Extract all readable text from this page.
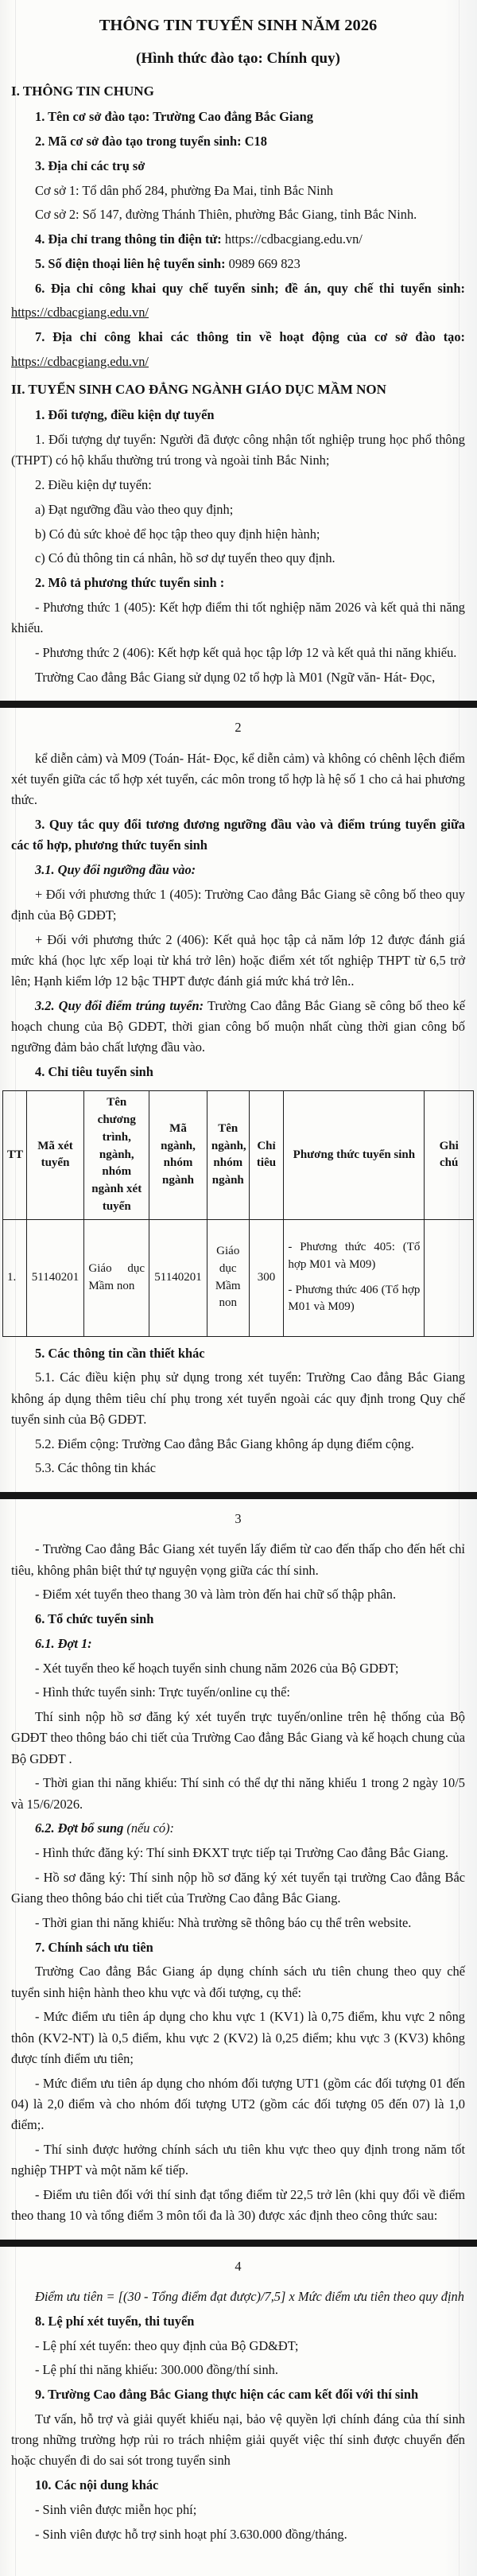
THÔNG TIN TUYỂN SINH NĂM 2026

(Hình thức đào tạo: Chính quy)

I. THÔNG TIN CHUNG

1. Tên cơ sở đào tạo: Trường Cao đẳng Bắc Giang

2. Mã cơ sở đào tạo trong tuyển sinh: C18

3. Địa chỉ các trụ sở

Cơ sở 1: Tổ dân phố 284, phường Đa Mai, tỉnh Bắc Ninh

Cơ sở 2: Số 147, đường Thánh Thiên, phường Bắc Giang, tỉnh Bắc Ninh.

4. Địa chỉ trang thông tin điện tử: https://cdbacgiang.edu.vn/

5. Số điện thoại liên hệ tuyển sinh: 0989 669 823

6. Địa chỉ công khai quy chế tuyển sinh; đề án, quy chế thi tuyển sinh:

https://cdbacgiang.edu.vn/

7. Địa chỉ công khai các thông tin về hoạt động của cơ sở đào tạo:

https://cdbacgiang.edu.vn/

II. TUYỂN SINH CAO ĐẲNG NGÀNH GIÁO DỤC MẦM NON

1. Đối tượng, điều kiện dự tuyển

1. Đối tượng dự tuyển: Người đã được công nhận tốt nghiệp trung học phổ thông (THPT) có hộ khẩu thường trú trong và ngoài tỉnh Bắc Ninh;

2. Điều kiện dự tuyển:

a) Đạt ngưỡng đầu vào theo quy định;

b) Có đủ sức khoẻ để học tập theo quy định hiện hành;

c) Có đủ thông tin cá nhân, hồ sơ dự tuyển theo quy định.

2. Mô tả phương thức tuyển sinh :

- Phương thức 1 (405): Kết hợp điểm thi tốt nghiệp năm 2026 và kết quả thi năng khiếu.

- Phương thức 2 (406): Kết hợp kết quả học tập lớp 12 và kết quả thi năng khiếu.

Trường Cao đẳng Bắc Giang sử dụng 02 tổ hợp là M01 (Ngữ văn- Hát- Đọc,

2

kể diễn cảm) và M09 (Toán- Hát- Đọc, kể diễn cảm) và không có chênh lệch điểm xét tuyển giữa các tổ hợp xét tuyển, các môn trong tổ hợp là hệ số 1 cho cả hai phương thức.

3. Quy tắc quy đổi tương đương ngưỡng đầu vào và điểm trúng tuyển giữa các tổ hợp, phương thức tuyển sinh

3.1. Quy đổi ngưỡng đầu vào:

+ Đối với phương thức 1 (405): Trường Cao đẳng Bắc Giang sẽ công bố theo quy định của Bộ GDĐT;

+ Đối với phương thức 2 (406): Kết quả học tập cả năm lớp 12 được đánh giá mức khá (học lực xếp loại từ khá trở lên) hoặc điểm xét tốt nghiệp THPT từ 6,5 trở lên; Hạnh kiểm lớp 12 bậc THPT được đánh giá mức khá trở lên..

3.2. Quy đổi điểm trúng tuyển: Trường Cao đẳng Bắc Giang sẽ công bố theo kế hoạch chung của Bộ GDĐT, thời gian công bố muộn nhất cùng thời gian công bố ngưỡng đảm bảo chất lượng đầu vào.

4. Chỉ tiêu tuyển sinh

TT	Mã xét tuyển	Tên chương trình, ngành, nhóm ngành xét tuyển	Mã ngành, nhóm ngành	Tên ngành, nhóm ngành	Chỉ tiêu	Phương thức tuyển sinh	Ghi chú
1.	51140201	Giáo dục Mầm non	51140201	Giáo dục Mầm non	300	- Phương thức 405: (Tổ hợp M01 và M09)
- Phương thức 406 (Tổ hợp M01 và M09)	

5. Các thông tin cần thiết khác

5.1. Các điều kiện phụ sử dụng trong xét tuyển: Trường Cao đẳng Bắc Giang không áp dụng thêm tiêu chí phụ trong xét tuyển ngoài các quy định trong Quy chế tuyển sinh của Bộ GDĐT.

5.2. Điểm cộng: Trường Cao đẳng Bắc Giang không áp dụng điểm cộng.

5.3. Các thông tin khác

3

- Trường Cao đẳng Bắc Giang xét tuyển lấy điểm từ cao đến thấp cho đến hết chỉ tiêu, không phân biệt thứ tự nguyện vọng giữa các thí sinh.

- Điểm xét tuyển theo thang 30 và làm tròn đến hai chữ số thập phân.

6. Tổ chức tuyển sinh

6.1. Đợt 1:

- Xét tuyển theo kế hoạch tuyển sinh chung năm 2026 của Bộ GDĐT;

- Hình thức tuyển sinh: Trực tuyến/online cụ thể:

Thí sinh nộp hồ sơ đăng ký xét tuyển trực tuyến/online trên hệ thống của Bộ GDĐT theo thông báo chi tiết của Trường Cao đẳng Bắc Giang và kế hoạch chung của Bộ GDĐT .

- Thời gian thi năng khiếu: Thí sinh có thể dự thi năng khiếu 1 trong 2 ngày 10/5 và 15/6/2026.

6.2. Đợt bổ sung (nếu có):

- Hình thức đăng ký: Thí sinh ĐKXT trực tiếp tại Trường Cao đẳng Bắc Giang.

- Hồ sơ đăng ký: Thí sinh nộp hồ sơ đăng ký xét tuyển tại trường Cao đẳng Bắc Giang theo thông báo chi tiết của Trường Cao đẳng Bắc Giang.

- Thời gian thi năng khiếu: Nhà trường sẽ thông báo cụ thể trên website.

7. Chính sách ưu tiên

Trường Cao đẳng Bắc Giang áp dụng chính sách ưu tiên chung theo quy chế tuyển sinh hiện hành theo khu vực và đối tượng, cụ thể:

- Mức điểm ưu tiên áp dụng cho khu vực 1 (KV1) là 0,75 điểm, khu vực 2 nông thôn (KV2-NT) là 0,5 điểm, khu vực 2 (KV2) là 0,25 điểm; khu vực 3 (KV3) không được tính điểm ưu tiên;

- Mức điểm ưu tiên áp dụng cho nhóm đối tượng UT1 (gồm các đối tượng 01 đến 04) là 2,0 điểm và cho nhóm đối tượng UT2 (gồm các đối tượng 05 đến 07) là 1,0 điểm;.

- Thí sinh được hưởng chính sách ưu tiên khu vực theo quy định trong năm tốt nghiệp THPT và một năm kế tiếp.

- Điểm ưu tiên đối với thí sinh đạt tổng điểm từ 22,5 trở lên (khi quy đổi về điểm theo thang 10 và tổng điểm 3 môn tối đa là 30) được xác định theo công thức sau:

4

Điểm ưu tiên = [(30 - Tổng điểm đạt được)/7,5] x Mức điểm ưu tiên theo quy định

8. Lệ phí xét tuyển, thi tuyển

- Lệ phí xét tuyển: theo quy định của Bộ GD&ĐT;

- Lệ phí thi năng khiếu: 300.000 đồng/thí sinh.

9. Trường Cao đẳng Bắc Giang thực hiện các cam kết đối với thí sinh

Tư vấn, hỗ trợ và giải quyết khiếu nại, bảo vệ quyền lợi chính đáng của thí sinh trong những trường hợp rủi ro trách nhiệm giải quyết việc thí sinh được chuyển đến hoặc chuyển đi do sai sót trong tuyển sinh

10. Các nội dung khác

- Sinh viên được miễn học phí;

- Sinh viên được hỗ trợ sinh hoạt phí 3.630.000 đồng/tháng.
